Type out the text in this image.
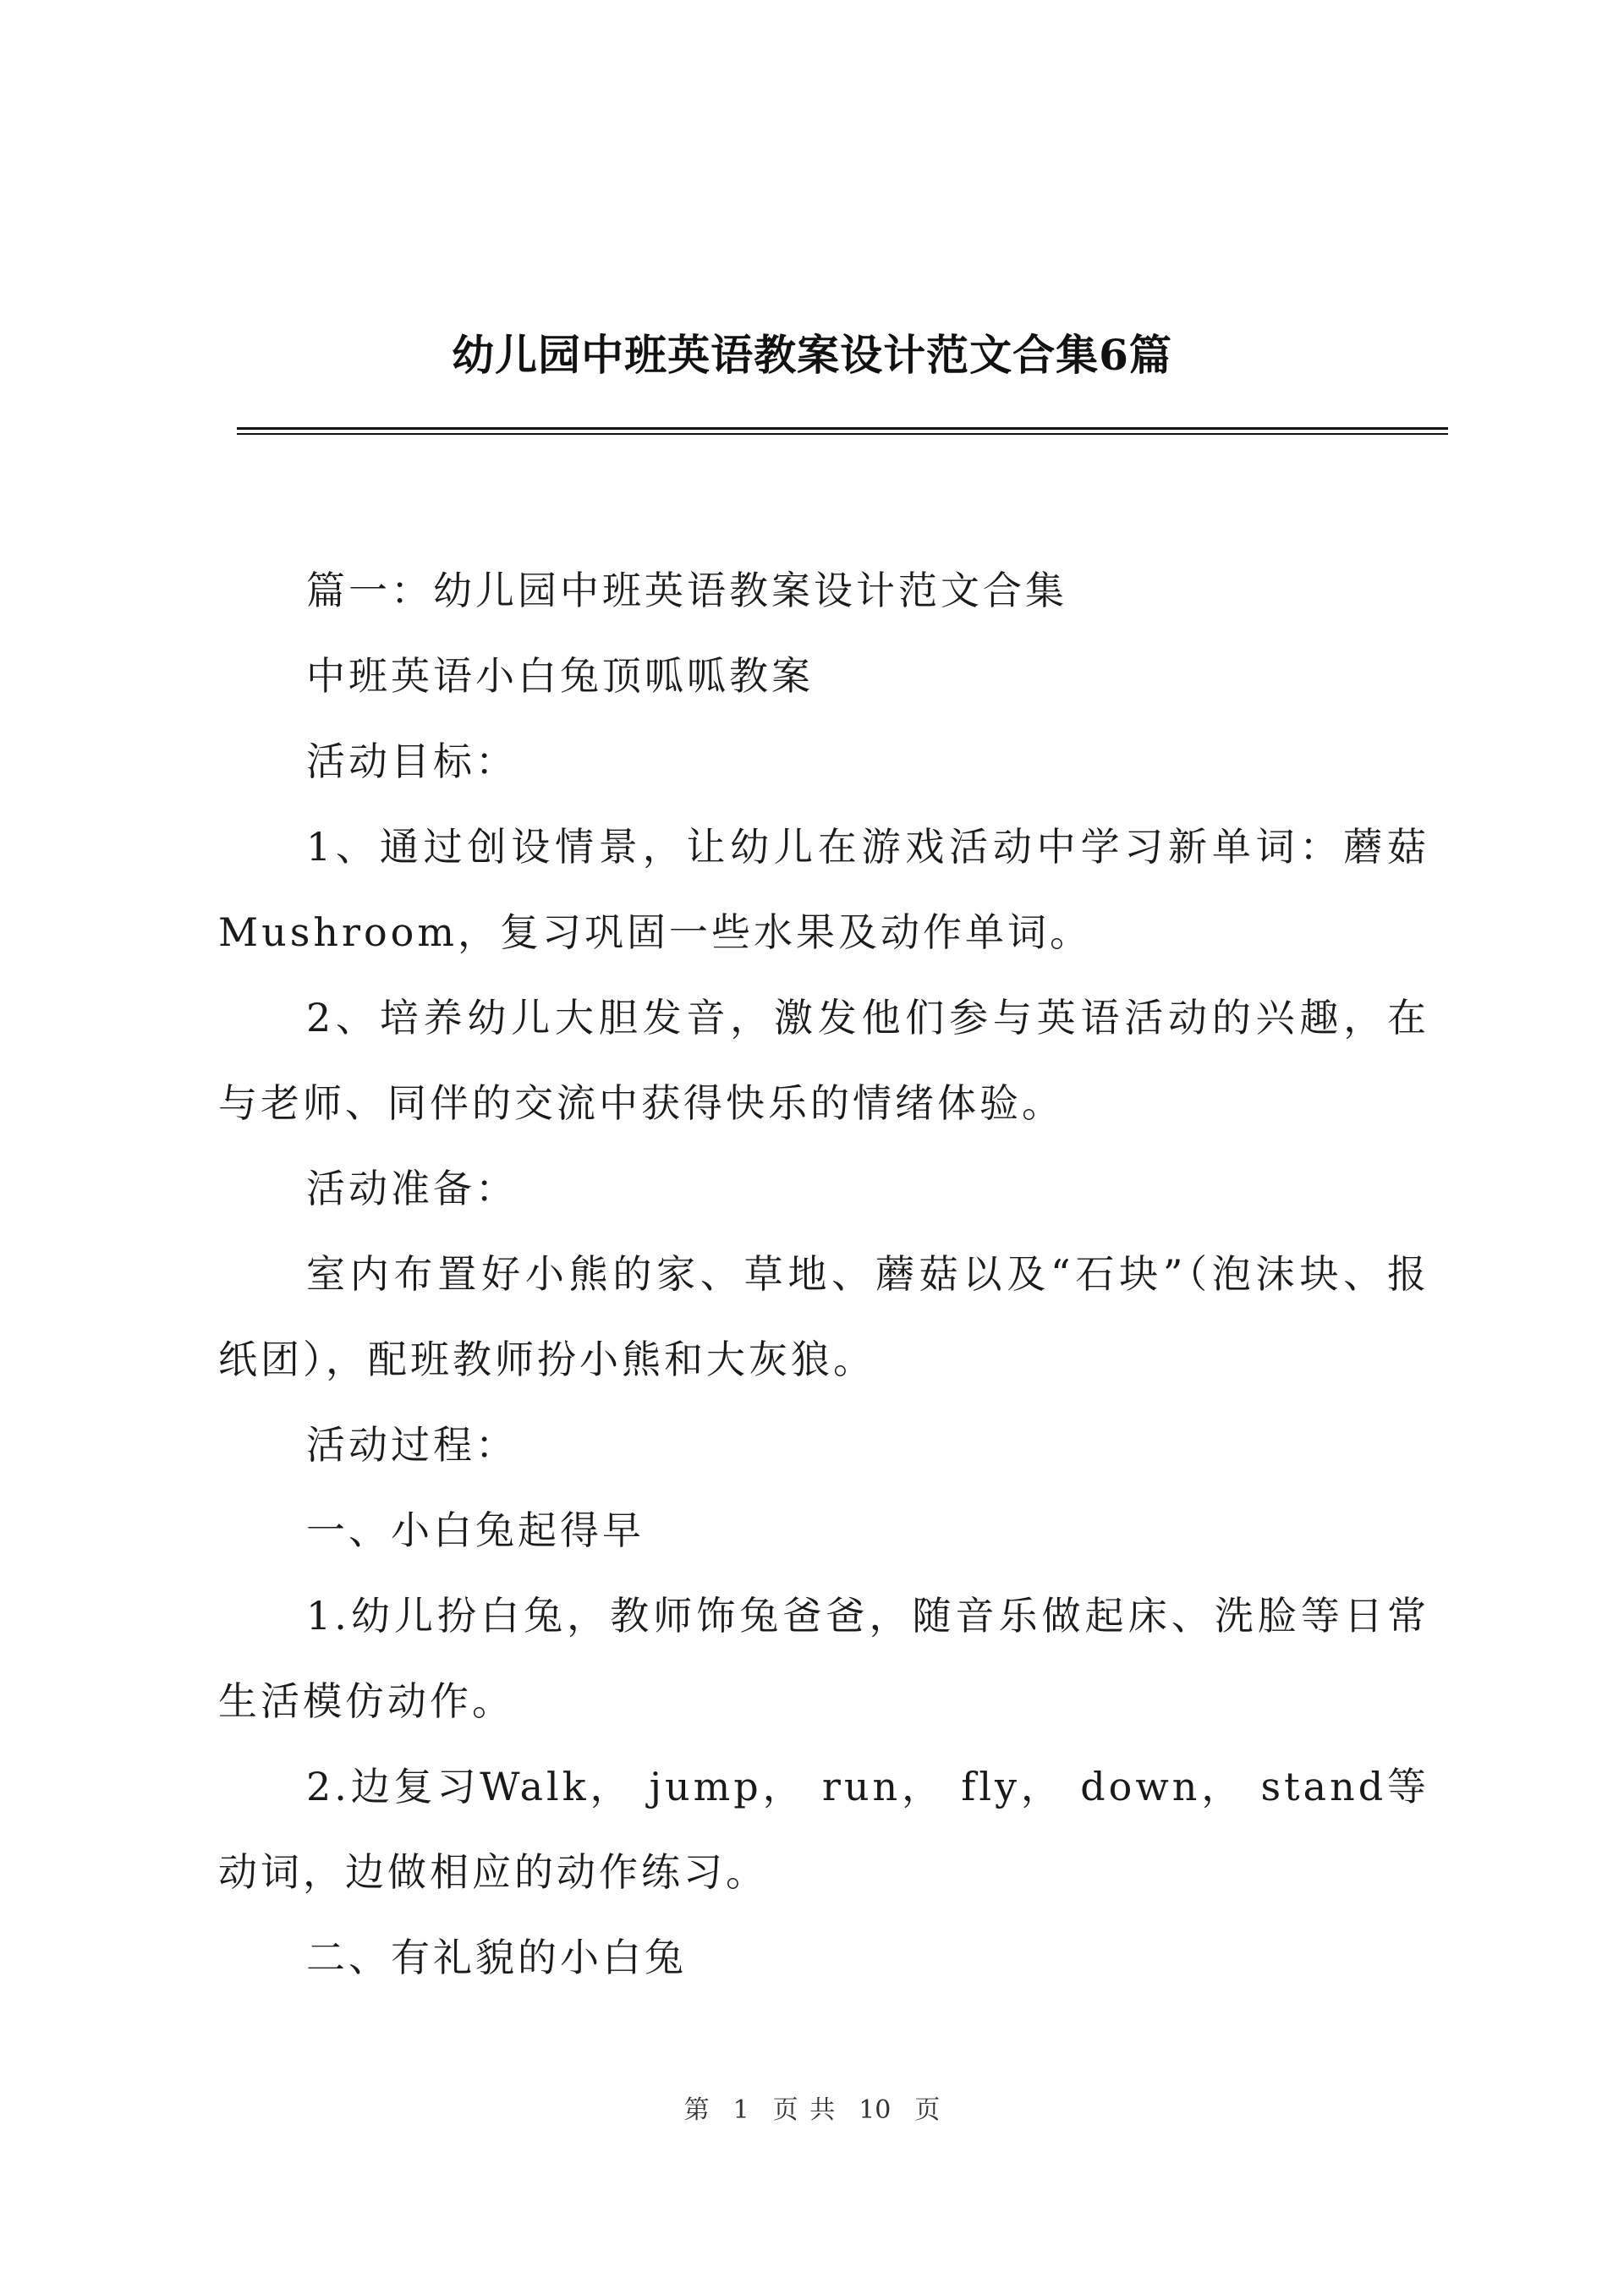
幼儿园中班英语教案设计范文合集6篇

篇一：幼儿园中班英语教案设计范文合集

中班英语小白兔顶呱呱教案

活动目标：

1、通过创设情景，让幼儿在游戏活动中学习新单词：蘑菇Mushroom，复习巩固一些水果及动作单词。

2、培养幼儿大胆发音，激发他们参与英语活动的兴趣，在与老师、同伴的交流中获得快乐的情绪体验。

活动准备：

室内布置好小熊的家、草地、蘑菇以及“石块”（泡沫块、报纸团），配班教师扮小熊和大灰狼。

活动过程：

一、小白兔起得早

1.幼儿扮白兔，教师饰兔爸爸，随音乐做起床、洗脸等日常生活模仿动作。

2.边复习Walk， jump， run， fly， down， stand等动词，边做相应的动作练习。

二、有礼貌的小白兔

第 1 页 共 10 页
